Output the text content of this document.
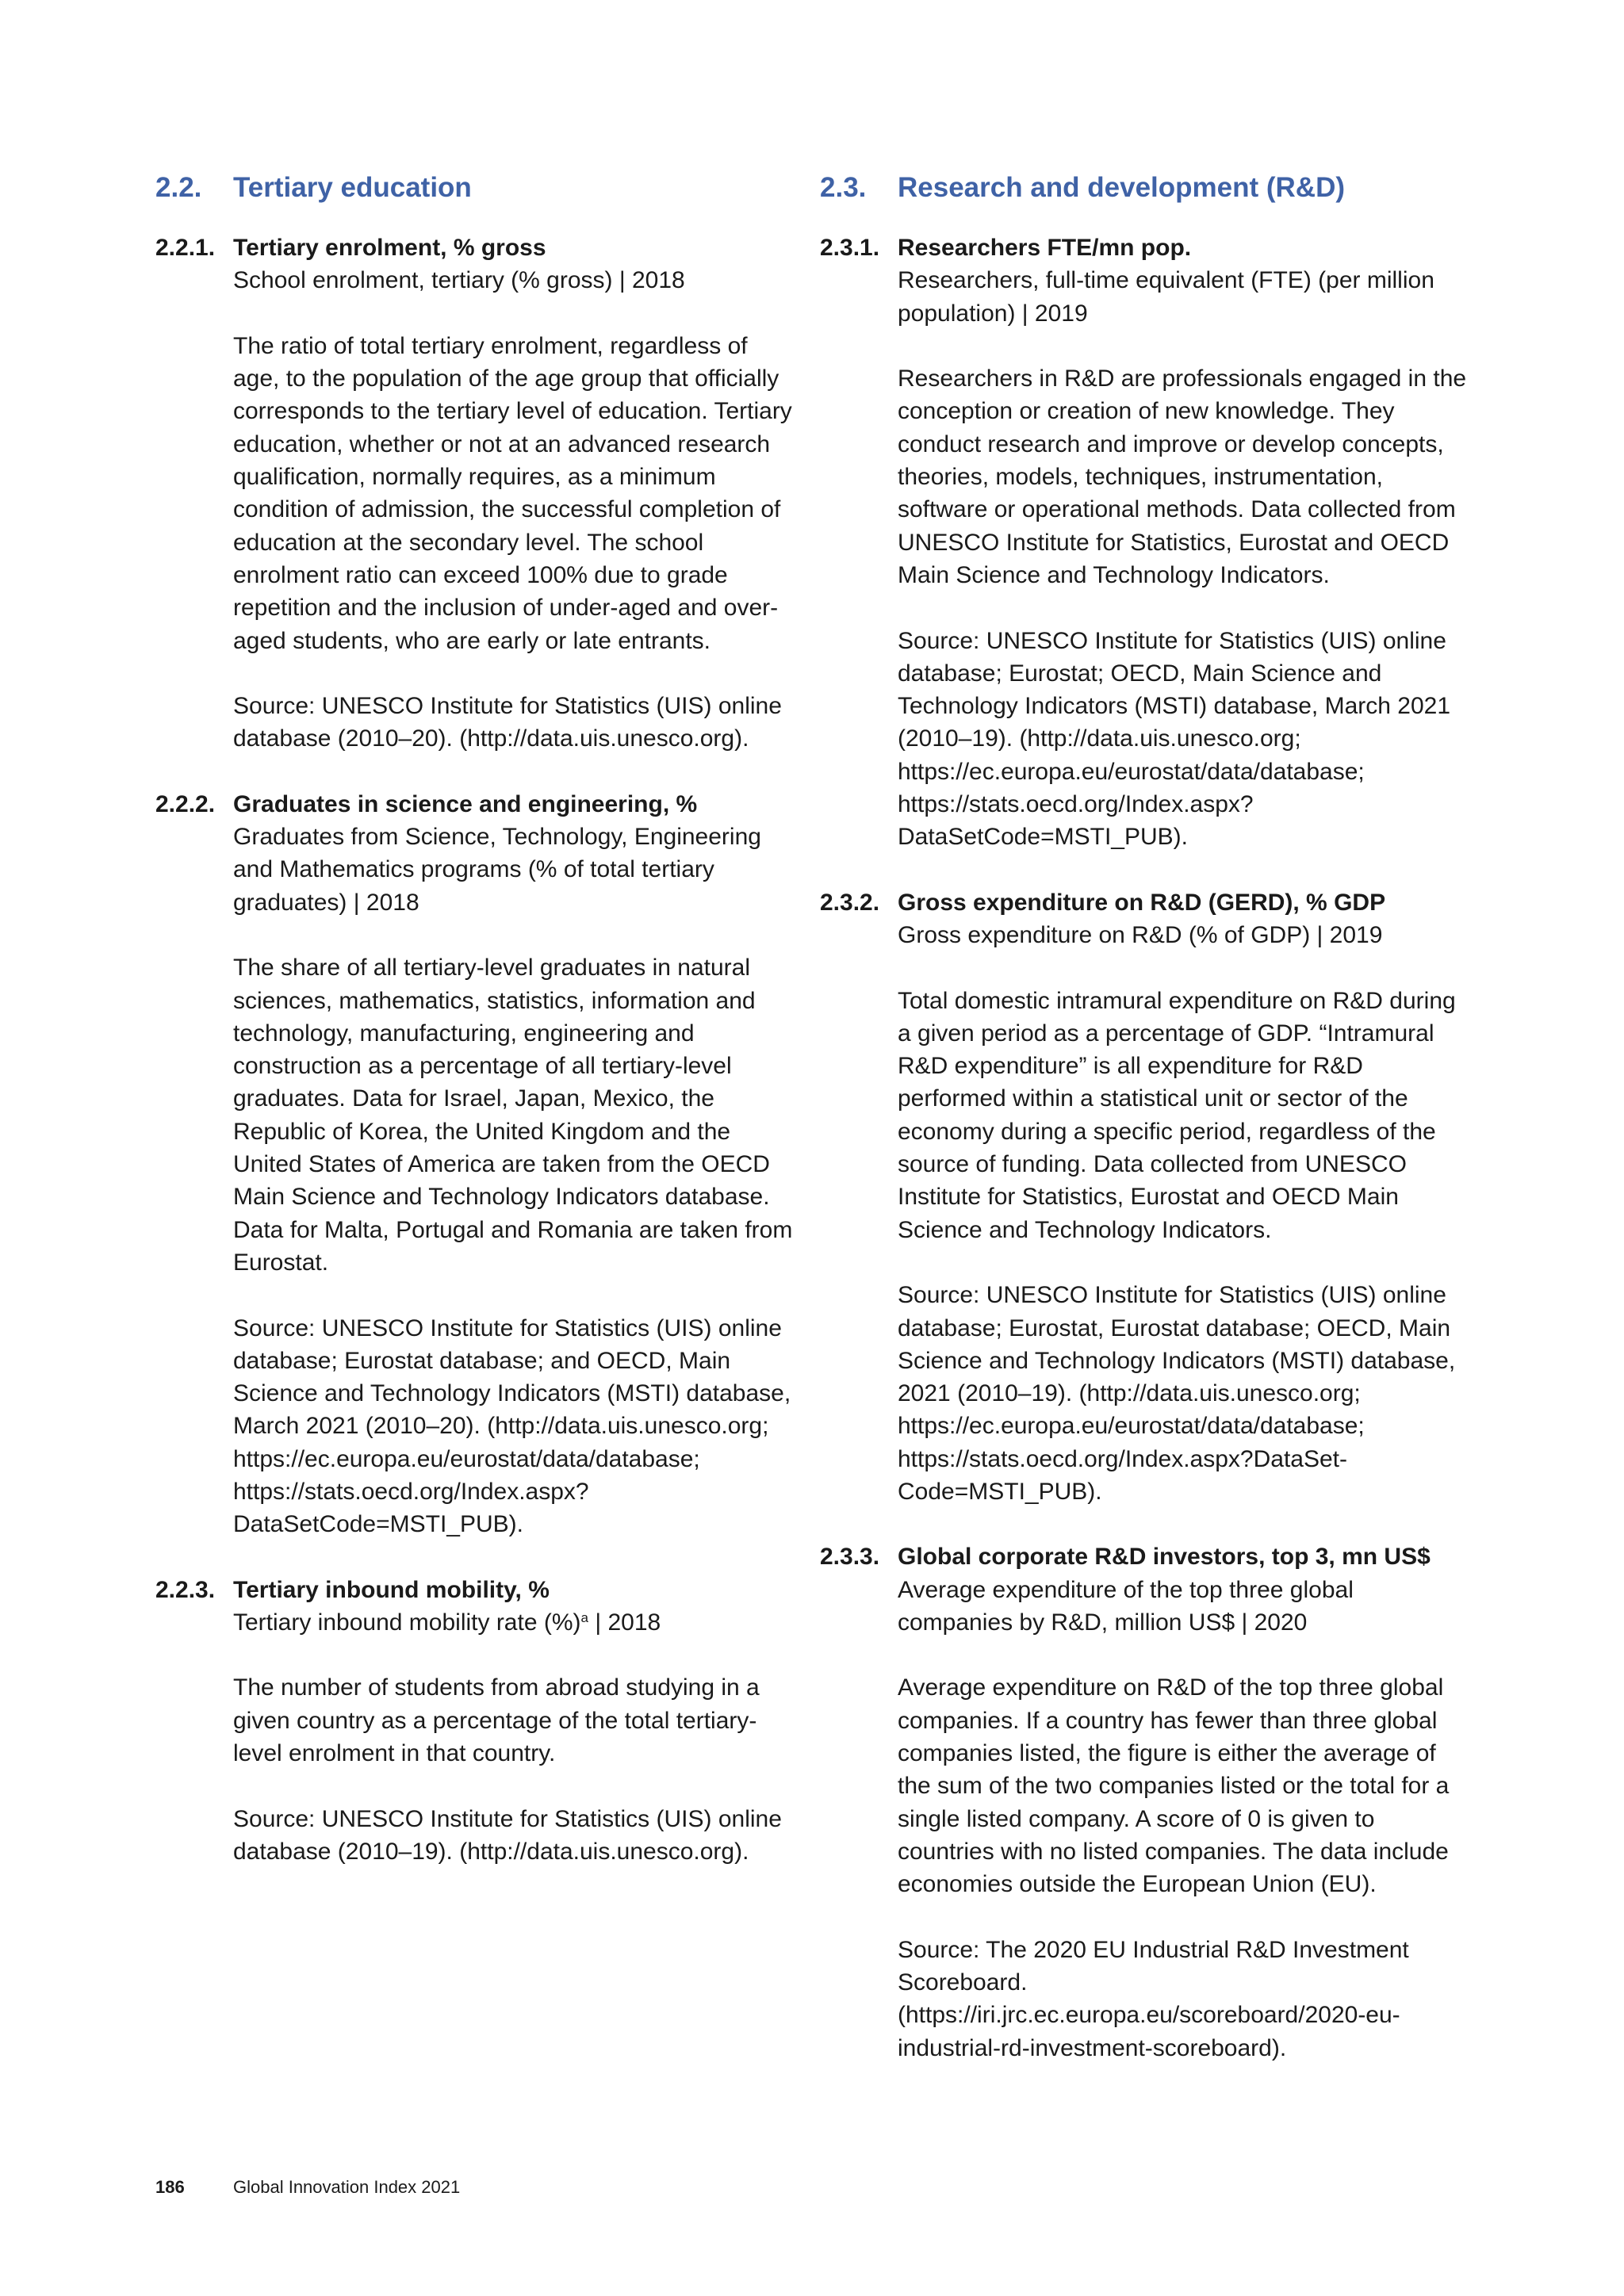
2.2.	Tertiary education
2.2.1. Tertiary enrolment, % gross

School enrolment, tertiary (% gross) | 2018

The ratio of total tertiary enrolment, regardless of age, to the population of the age group that officially corresponds to the tertiary level of education. Tertiary education, whether or not at an advanced research qualification, normally requires, as a minimum condition of admission, the successful completion of education at the secondary level. The school enrolment ratio can exceed 100% due to grade repetition and the inclusion of under-aged and over-aged students, who are early or late entrants.

Source: UNESCO Institute for Statistics (UIS) online database (2010–20). (http://data.uis.unesco.org).

2.2.2. Graduates in science and engineering, %

Graduates from Science, Technology, Engineering and Mathematics programs (% of total tertiary graduates) | 2018

The share of all tertiary-level graduates in natural sciences, mathematics, statistics, information and technology, manufacturing, engineering and construction as a percentage of all tertiary-level graduates. Data for Israel, Japan, Mexico, the Republic of Korea, the United Kingdom and the United States of America are taken from the OECD Main Science and Technology Indicators database. Data for Malta, Portugal and Romania are taken from Eurostat.

Source: UNESCO Institute for Statistics (UIS) online database; Eurostat database; and OECD, Main Science and Technology Indicators (MSTI) database, March 2021 (2010–20). (http://data.uis.unesco.org; https://ec.europa.eu/eurostat/data/database; https://stats.oecd.org/Index.aspx?DataSetCode=MSTI_PUB).

2.2.3. Tertiary inbound mobility, %

Tertiary inbound mobility rate (%)$^a$ | 2018

The number of students from abroad studying in a given country as a percentage of the total tertiary-level enrolment in that country.

Source: UNESCO Institute for Statistics (UIS) online database (2010–19). (http://data.uis.unesco.org).

2.3.	Research and development (R&D)
2.3.1. Researchers FTE/mn pop.

Researchers, full-time equivalent (FTE) (per million population) | 2019

Researchers in R&D are professionals engaged in the conception or creation of new knowledge. They conduct research and improve or develop concepts, theories, models, techniques, instrumentation, software or operational methods. Data collected from UNESCO Institute for Statistics, Eurostat and OECD Main Science and Technology Indicators.

Source: UNESCO Institute for Statistics (UIS) online database; Eurostat; OECD, Main Science and Technology Indicators (MSTI) database, March 2021 (2010–19). (http://data.uis.unesco.org; https://ec.europa.eu/eurostat/data/database; https://stats.oecd.org/Index.aspx?DataSetCode=MSTI_PUB).

2.3.2. Gross expenditure on R&D (GERD), % GDP

Gross expenditure on R&D (% of GDP) | 2019

Total domestic intramural expenditure on R&D during a given period as a percentage of GDP. “Intramural R&D expenditure” is all expenditure for R&D performed within a statistical unit or sector of the economy during a specific period, regardless of the source of funding. Data collected from UNESCO Institute for Statistics, Eurostat and OECD Main Science and Technology Indicators.

Source: UNESCO Institute for Statistics (UIS) online database; Eurostat, Eurostat database; OECD, Main Science and Technology Indicators (MSTI) database, 2021 (2010–19). (http://data.uis.unesco.org; https://ec.europa.eu/eurostat/data/database; https://stats.oecd.org/Index.aspx?DataSet-Code=MSTI_PUB).

2.3.3. Global corporate R&D investors, top 3, mn US$

Average expenditure of the top three global companies by R&D, million US$ | 2020

Average expenditure on R&D of the top three global companies. If a country has fewer than three global companies listed, the figure is either the average of the sum of the two companies listed or the total for a single listed company. A score of 0 is given to countries with no listed companies. The data include economies outside the European Union (EU).

Source: The 2020 EU Industrial R&D Investment Scoreboard. (https://iri.jrc.ec.europa.eu/scoreboard/2020-eu-industrial-rd-investment-scoreboard).

186	Global Innovation Index 2021
